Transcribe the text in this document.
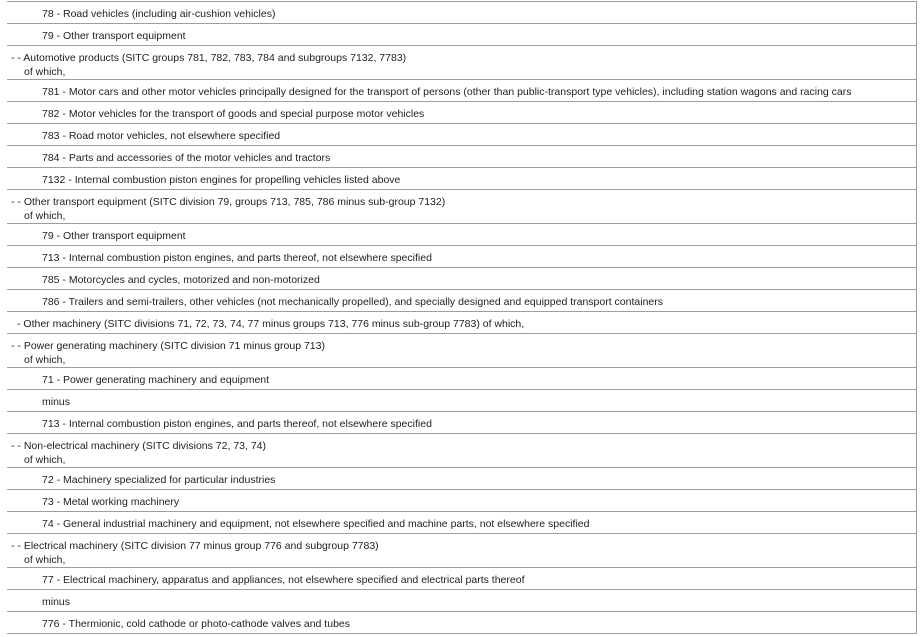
78 - Road vehicles (including air-cushion vehicles)
79 - Other transport equipment
- - Automotive products (SITC groups 781, 782, 783, 784 and subgroups 7132, 7783)
of which,
781 - Motor cars and other motor vehicles principally designed for the transport of persons (other than public-transport type vehicles), including station wagons and racing cars
782 - Motor vehicles for the transport of goods and special purpose motor vehicles
783 - Road motor vehicles, not elsewhere specified
784 - Parts and accessories of the motor vehicles and tractors
7132 - Internal combustion piston engines for propelling vehicles listed above
- - Other transport equipment (SITC division 79, groups 713, 785, 786 minus sub-group 7132)
of which,
79 - Other transport equipment
713 - Internal combustion piston engines, and parts thereof, not elsewhere specified
785 - Motorcycles and cycles, motorized and non-motorized
786 - Trailers and semi-trailers, other vehicles (not mechanically propelled), and specially designed and equipped transport containers
- Other machinery (SITC divisions 71, 72, 73, 74, 77 minus groups 713, 776 minus sub-group 7783) of which,
- - Power generating machinery (SITC division 71 minus group 713)
of which,
71 - Power generating machinery and equipment
minus
713 - Internal combustion piston engines, and parts thereof, not elsewhere specified
- - Non-electrical machinery (SITC divisions 72, 73, 74)
of which,
72 - Machinery specialized for particular industries
73 - Metal working machinery
74 - General industrial machinery and equipment, not elsewhere specified and machine parts, not elsewhere specified
- - Electrical machinery (SITC division 77 minus group 776 and subgroup 7783)
of which,
77 - Electrical machinery, apparatus and appliances, not elsewhere specified and electrical parts thereof
minus
776 - Thermionic, cold cathode or photo-cathode valves and tubes
